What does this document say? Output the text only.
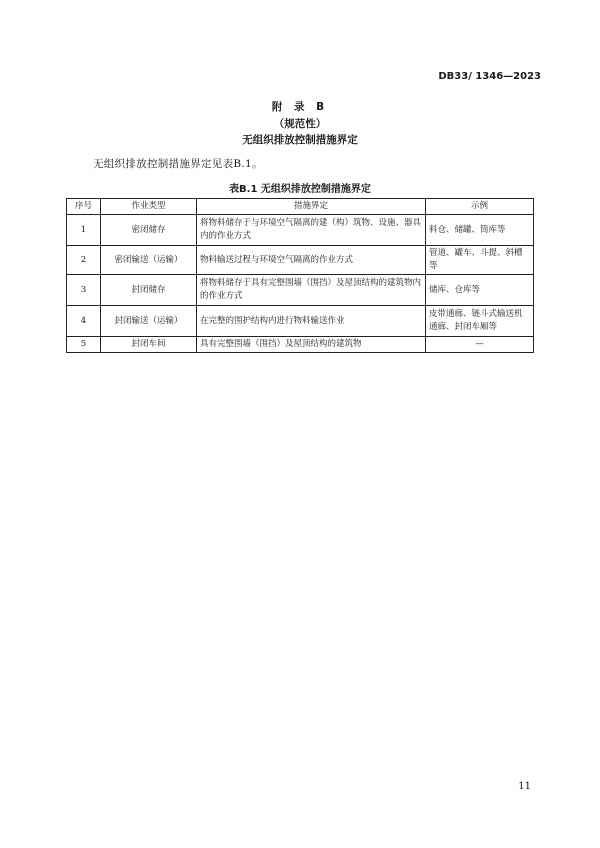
DB33/ 1346—2023
附 录 B
（规范性）
无组织排放控制措施界定
无组织排放控制措施界定见表B.1。
表B.1 无组织排放控制措施界定
序号	作业类型	措施界定	示例
1	密闭储存	将物料储存于与环境空气隔离的建（构）筑物、设施、器具内的作业方式	料仓、储罐、筒库等
2	密闭输送（运输）	物料输送过程与环境空气隔离的作业方式	管道、罐车、斗提、斜槽等
3	封闭储存	将物料储存于具有完整围墙（围挡）及屋顶结构的建筑物内的作业方式	储库、仓库等
4	封闭输送（运输）	在完整的围护结构内进行物料输送作业	皮带通廊、链斗式输送机通廊、封闭车厢等
5	封闭车间	具有完整围墙（围挡）及屋顶结构的建筑物	—
11
